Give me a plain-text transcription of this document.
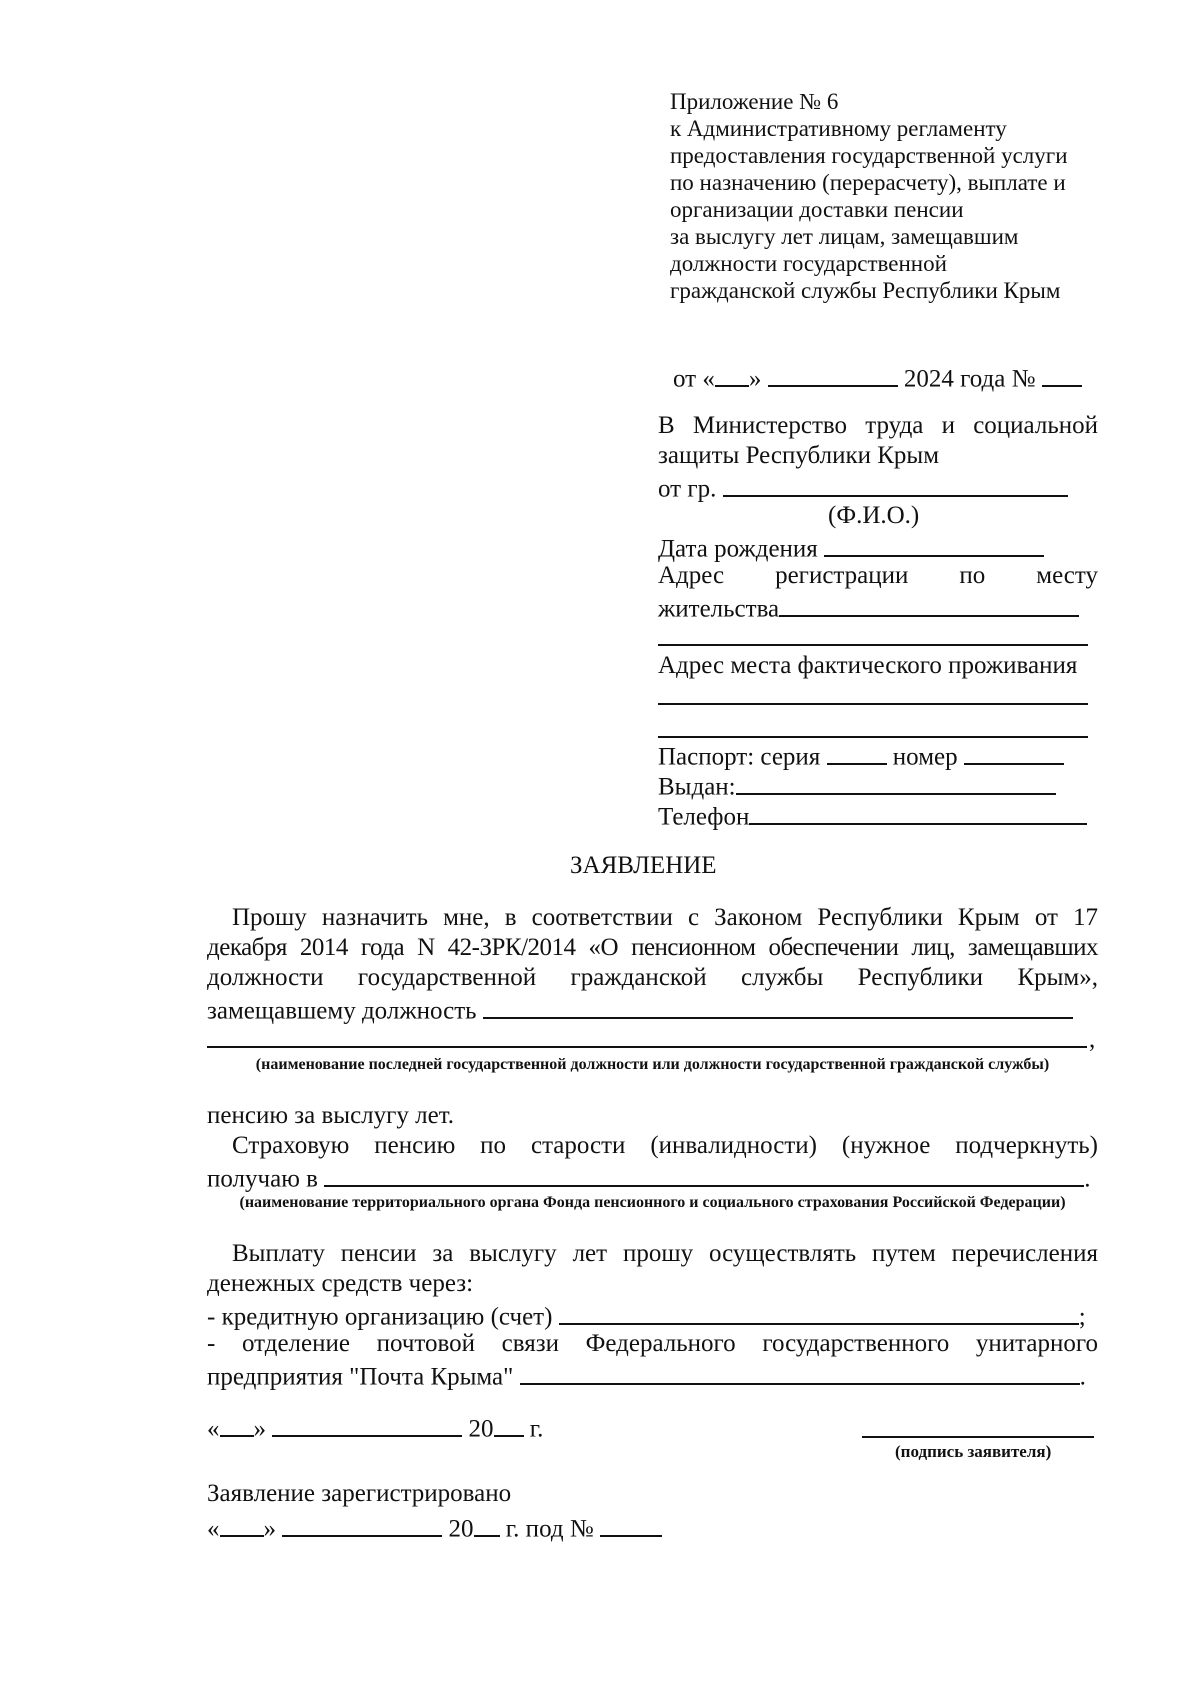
Приложение № 6
к Административному регламенту
предоставления государственной услуги
по назначению (перерасчету), выплате и
организации доставки пенсии
за выслугу лет лицам, замещавшим
должности государственной
гражданской службы Республики Крым
от « »	2024 года №
В Министерство труда и социальной
защиты Республики Крым
от гр.
(Ф.И.О.)
Дата рождения
Адрес регистрации по месту
жительства
Адрес места фактического проживания
Паспорт: серия	номер
Выдан:
Телефон
ЗАЯВЛЕНИЕ
Прошу назначить мне, в соответствии с Законом Республики Крым от 17
декабря 2014 года N 42-ЗРК/2014 «О пенсионном обеспечении лиц, замещавших
должности государственной гражданской службы Республики Крым»,
замещавшему должность
,
(наименование последней государственной должности или должности государственной гражданской службы)
пенсию за выслугу лет.
Страховую пенсию по старости (инвалидности) (нужное подчеркнуть)
получаю в	.
(наименование территориального органа Фонда пенсионного и социального страхования Российской Федерации)
Выплату пенсии за выслугу лет прошу осуществлять путем перечисления
денежных средств через:
- кредитную организацию (счет)	;
- отделение почтовой связи Федерального государственного унитарного
предприятия "Почта Крыма"	.
« »	20 г.
(подпись заявителя)
Заявление зарегистрировано
« »	20 г. под №
